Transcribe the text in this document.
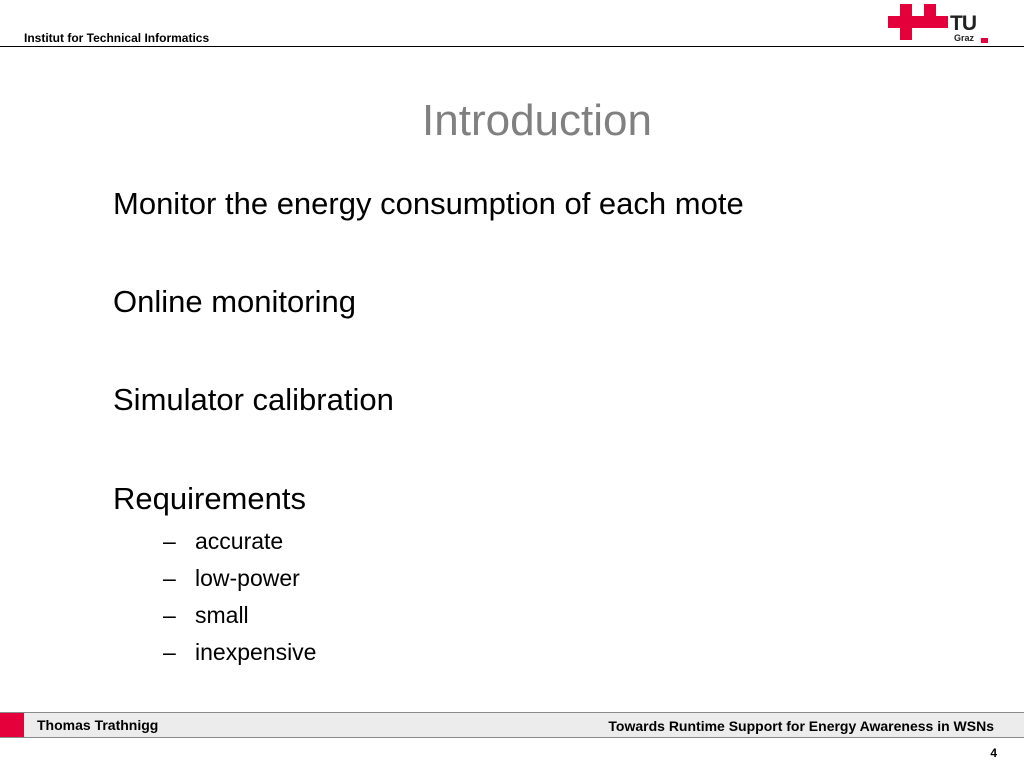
Institut for Technical Informatics
TU
Graz
Introduction
Monitor the energy consumption of each mote
Online monitoring
Simulator calibration
Requirements
– accurate
– low-power
– small
– inexpensive
Thomas Trathnigg	Towards Runtime Support for Energy Awareness in WSNs
4
